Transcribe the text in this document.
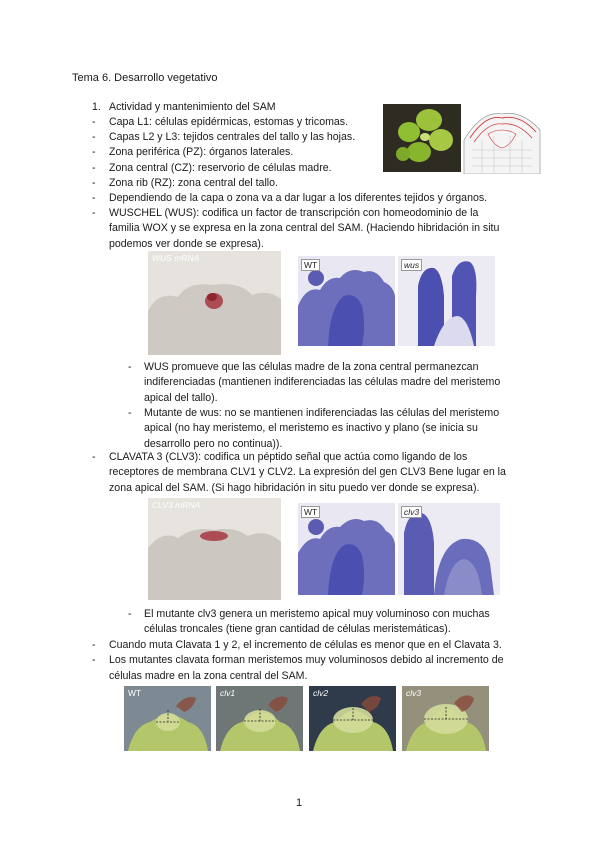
Tema 6. Desarrollo vegetativo
1. Actividad y mantenimiento del SAM
- Capa L1: células epidérmicas, estomas y tricomas.
- Capas L2 y L3: tejidos centrales del tallo y las hojas.
- Zona periférica (PZ): órganos laterales.
- Zona central (CZ): reservorio de células madre.
- Zona rib (RZ): zona central del tallo.
- Dependiendo de la capa o zona va a dar lugar a los diferentes tejidos y órganos.
- WUSCHEL (WUS): codifica un factor de transcripción con homeodominio de la
familia WOX y se expresa en la zona central del SAM. (Haciendo hibridación in situ
podemos ver donde se expresa).
WUS mRNA
WT	wus
- WUS promueve que las células madre de la zona central permanezcan
indiferenciadas (mantienen indiferenciadas las células madre del meristemo
apical del tallo).
- Mutante de wus: no se mantienen indiferenciadas las células del meristemo
apical (no hay meristemo, el meristemo es inactivo y plano (se inicia su
desarrollo pero no continua)).
- CLAVATA 3 (CLV3): codifica un péptido señal que actúa como ligando de los
receptores de membrana CLV1 y CLV2. La expresión del gen CLV3 Bene lugar en la
zona apical del SAM. (Si hago hibridación in situ puedo ver donde se expresa).
CLV3 mRNA
WT	clv3
- El mutante clv3 genera un meristemo apical muy voluminoso con muchas
células troncales (tiene gran cantidad de células meristemáticas).
- Cuando muta Clavata 1 y 2, el incremento de células es menor que en el Clavata 3.
- Los mutantes clavata forman meristemos muy voluminosos debido al incremento de
células madre en la zona central del SAM.
WT	clv1	clv2	clv3
1
